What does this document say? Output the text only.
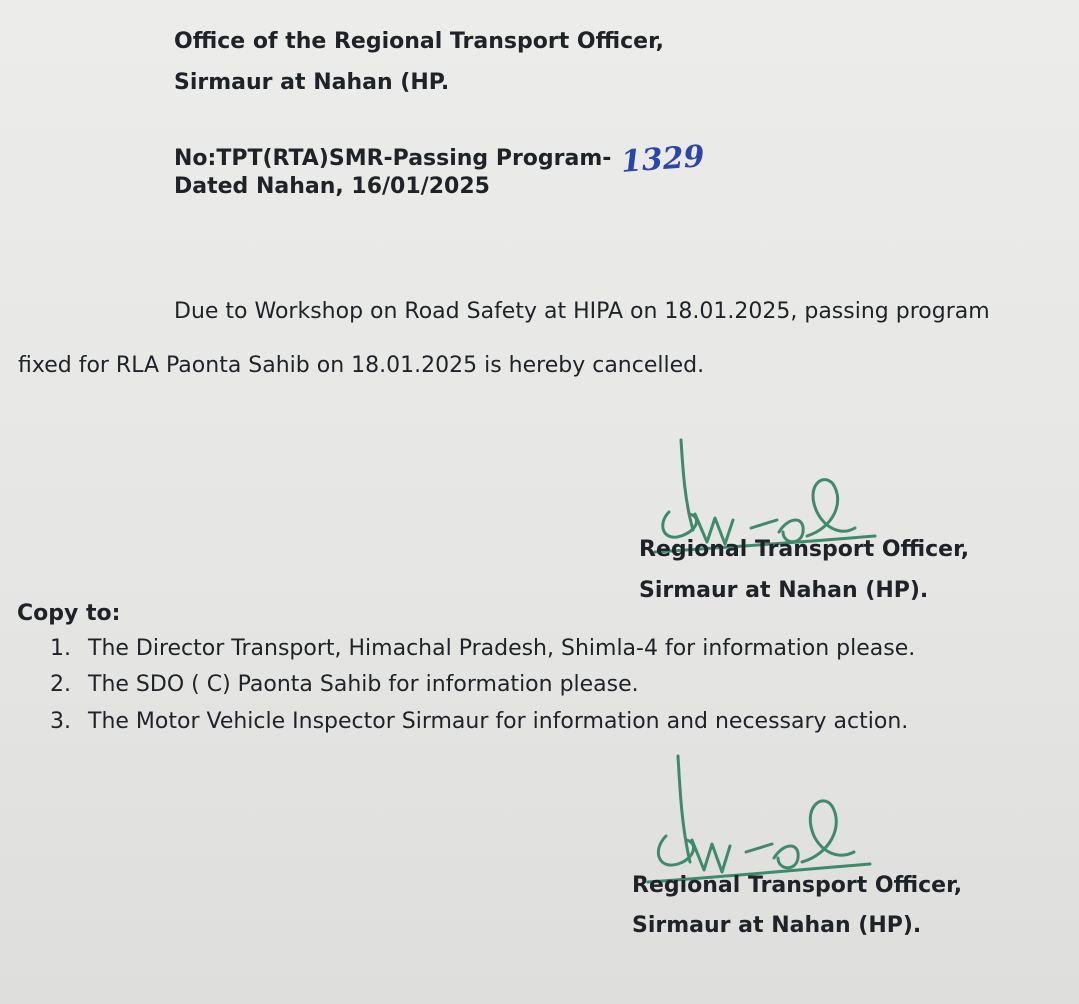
Office of the Regional Transport Officer,
Sirmaur at Nahan (HP.
No:TPT(RTA)SMR-Passing Program- 1329
Dated Nahan, 16/01/2025
Due to Workshop on Road Safety at HIPA on 18.01.2025, passing program
fixed for RLA Paonta Sahib on 18.01.2025 is hereby cancelled.
Regional Transport Officer,
Sirmaur at Nahan (HP).
Copy to:
1. The Director Transport, Himachal Pradesh, Shimla-4 for information please.
2. The SDO ( C) Paonta Sahib for information please.
3. The Motor Vehicle Inspector Sirmaur for information and necessary action.
Regional Transport Officer,
Sirmaur at Nahan (HP).
